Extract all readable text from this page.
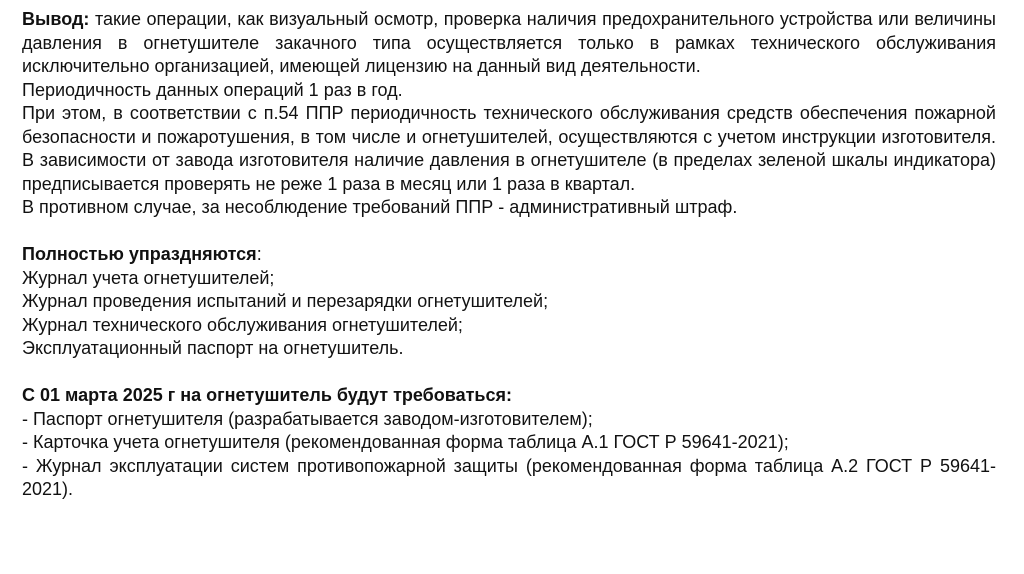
Вывод: такие операции, как визуальный осмотр, проверка наличия предохранительного устройства или величины давления в огнетушителе закачного типа осуществляется только в рамках технического обслуживания исключительно организацией, имеющей лицензию на данный вид деятельности.

Периодичность данных операций 1 раз в год.

При этом, в соответствии с п.54 ППР периодичность технического обслуживания средств обеспечения пожарной безопасности и пожаротушения, в том числе и огнетушителей, осуществляются с учетом инструкции изготовителя. В зависимости от завода изготовителя наличие давления в огнетушителе (в пределах зеленой шкалы индикатора) предписывается проверять не реже 1 раза в месяц или 1 раза в квартал.

В противном случае, за несоблюдение требований ППР - административный штраф.

Полностью упраздняются:

Журнал учета огнетушителей;

Журнал проведения испытаний и перезарядки огнетушителей;

Журнал технического обслуживания огнетушителей;

Эксплуатационный паспорт на огнетушитель.

С 01 марта 2025 г на огнетушитель будут требоваться:

- Паспорт огнетушителя (разрабатывается заводом-изготовителем);

- Карточка учета огнетушителя (рекомендованная форма таблица А.1 ГОСТ Р 59641-2021);

- Журнал эксплуатации систем противопожарной защиты (рекомендованная форма таблица А.2 ГОСТ Р 59641-2021).
